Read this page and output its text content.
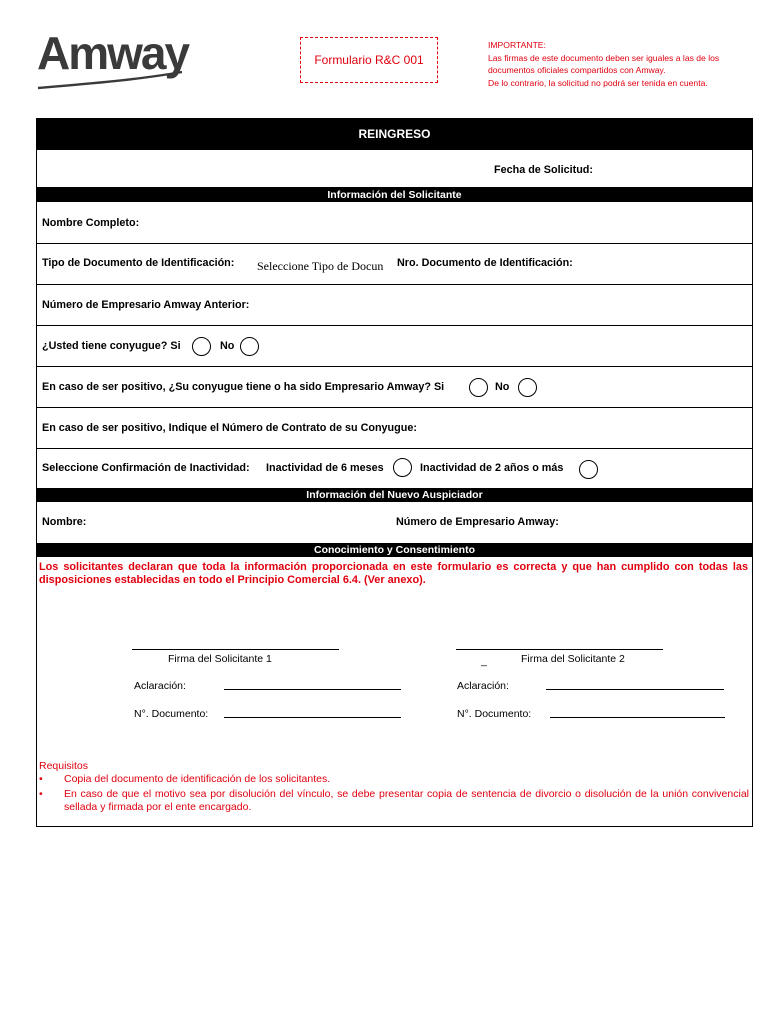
Amway	Formulario R&C 001
IMPORTANTE:
Las firmas de este documento deben ser iguales a las de los
documentos oficiales compartidos con Amway.
De lo contrario, la solicitud no podrá ser tenida en cuenta.
REINGRESO
Fecha de Solicitud:
Información del Solicitante
Nombre Completo:
Tipo de Documento de Identificación: Seleccione Tipo de Docun	Nro. Documento de Identificación:
Número de Empresario Amway Anterior:
¿Usted tiene conyugue? Si	No
En caso de ser positivo, ¿Su conyugue tiene o ha sido Empresario Amway? Si	No
En caso de ser positivo, Indique el Número de Contrato de su Conyugue:
Seleccione Confirmación de Inactividad: Inactividad de 6 meses	Inactividad de 2 años o más
Información del Nuevo Auspiciador
Nombre:	Número de Empresario Amway:
Conocimiento y Consentimiento
Los solicitantes declaran que toda la información proporcionada en este formulario es correcta y que han cumplido con todas las disposiciones establecidas en todo el Principio Comercial 6.4. (Ver anexo).
Firma del Solicitante 1	_	Firma del Solicitante 2
Aclaración:	Aclaración:
N°. Documento:	N°. Documento:
Requisitos
• Copia del documento de identificación de los solicitantes.
• En caso de que el motivo sea por disolución del vínculo, se debe presentar copia de sentencia de divorcio o disolución de la unión convivencial sellada y firmada por el ente encargado.
